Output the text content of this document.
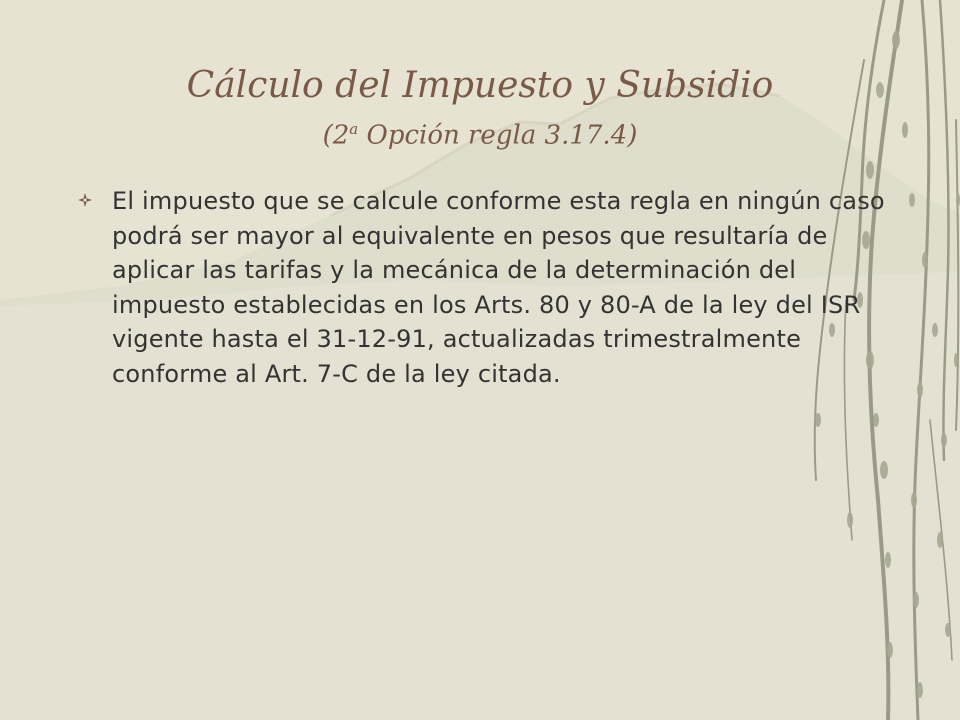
Cálculo del Impuesto y Subsidio
(2$^a$ Opción regla 3.17.4)
El impuesto que se calcule conforme esta regla en ningún caso podrá ser mayor al equivalente en pesos que resultaría de aplicar las tarifas y la mecánica de la determinación del impuesto establecidas en los Arts. 80 y 80-A de la ley del ISR vigente hasta el 31-12-91, actualizadas trimestralmente conforme al Art. 7-C de la ley citada.
